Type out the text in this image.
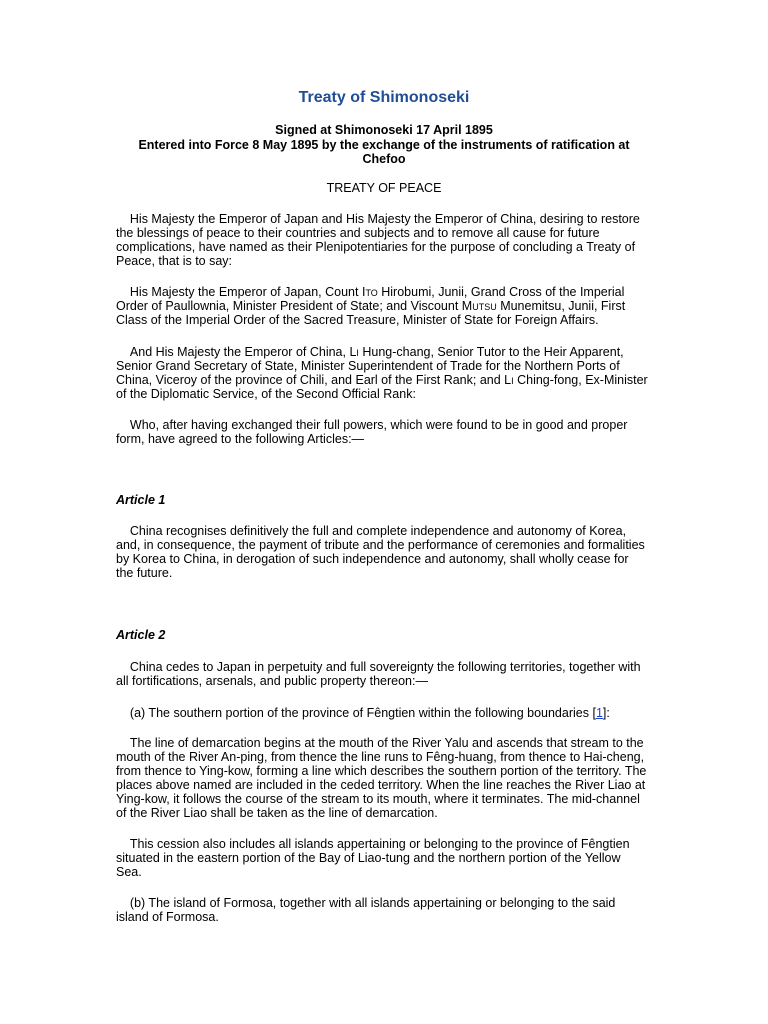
Treaty of Shimonoseki
Signed at Shimonoseki 17 April 1895
Entered into Force 8 May 1895 by the exchange of the instruments of ratification at Chefoo
TREATY OF PEACE
His Majesty the Emperor of Japan and His Majesty the Emperor of China, desiring to restore the blessings of peace to their countries and subjects and to remove all cause for future complications, have named as their Plenipotentiaries for the purpose of concluding a Treaty of Peace, that is to say:
His Majesty the Emperor of Japan, Count Ito Hirobumi, Junii, Grand Cross of the Imperial Order of Paullownia, Minister President of State; and Viscount Mutsu Munemitsu, Junii, First Class of the Imperial Order of the Sacred Treasure, Minister of State for Foreign Affairs.
And His Majesty the Emperor of China, Li Hung-chang, Senior Tutor to the Heir Apparent, Senior Grand Secretary of State, Minister Superintendent of Trade for the Northern Ports of China, Viceroy of the province of Chili, and Earl of the First Rank; and Li Ching-fong, Ex-Minister of the Diplomatic Service, of the Second Official Rank:
Who, after having exchanged their full powers, which were found to be in good and proper form, have agreed to the following Articles:—
Article 1
China recognises definitively the full and complete independence and autonomy of Korea, and, in consequence, the payment of tribute and the performance of ceremonies and formalities by Korea to China, in derogation of such independence and autonomy, shall wholly cease for the future.
Article 2
China cedes to Japan in perpetuity and full sovereignty the following territories, together with all fortifications, arsenals, and public property thereon:—
(a) The southern portion of the province of Fêngtien within the following boundaries [1]:
The line of demarcation begins at the mouth of the River Yalu and ascends that stream to the mouth of the River An-ping, from thence the line runs to Fêng-huang, from thence to Hai-cheng, from thence to Ying-kow, forming a line which describes the southern portion of the territory. The places above named are included in the ceded territory. When the line reaches the River Liao at Ying-kow, it follows the course of the stream to its mouth, where it terminates. The mid-channel of the River Liao shall be taken as the line of demarcation.
This cession also includes all islands appertaining or belonging to the province of Fêngtien situated in the eastern portion of the Bay of Liao-tung and the northern portion of the Yellow Sea.
(b) The island of Formosa, together with all islands appertaining or belonging to the said island of Formosa.
